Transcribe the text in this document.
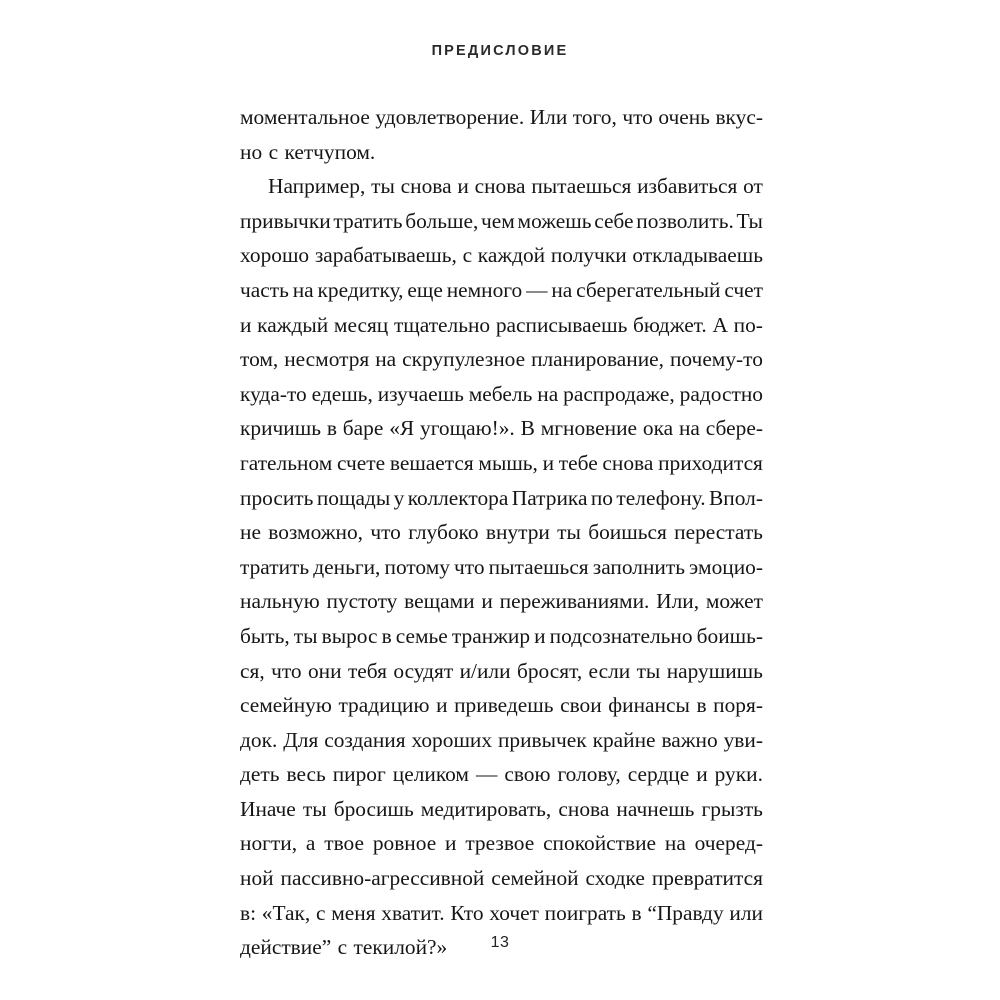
ПРЕДИСЛОВИЕ
моментальное удовлетворение. Или того, что очень вкус-
но с кетчупом.
Например, ты снова и снова пытаешься избавиться от
привычки тратить больше, чем можешь себе позволить. Ты
хорошо зарабатываешь, с каждой получки откладываешь
часть на кредитку, еще немного — на сберегательный счет
и каждый месяц тщательно расписываешь бюджет. А по-
том, несмотря на скрупулезное планирование, почему-то
куда-то едешь, изучаешь мебель на распродаже, радостно
кричишь в баре «Я угощаю!». В мгновение ока на сбере-
гательном счете вешается мышь, и тебе снова приходится
просить пощады у коллектора Патрика по телефону. Впол-
не возможно, что глубоко внутри ты боишься перестать
тратить деньги, потому что пытаешься заполнить эмоцио-
нальную пустоту вещами и переживаниями. Или, может
быть, ты вырос в семье транжир и подсознательно боишь-
ся, что они тебя осудят и/или бросят, если ты нарушишь
семейную традицию и приведешь свои финансы в поря-
док. Для создания хороших привычек крайне важно уви-
деть весь пирог целиком — свою голову, сердце и руки.
Иначе ты бросишь медитировать, снова начнешь грызть
ногти, а твое ровное и трезвое спокойствие на очеред-
ной пассивно-агрессивной семейной сходке превратится
в: «Так, с меня хватит. Кто хочет поиграть в “Правду или
действие” с текилой?»	13
